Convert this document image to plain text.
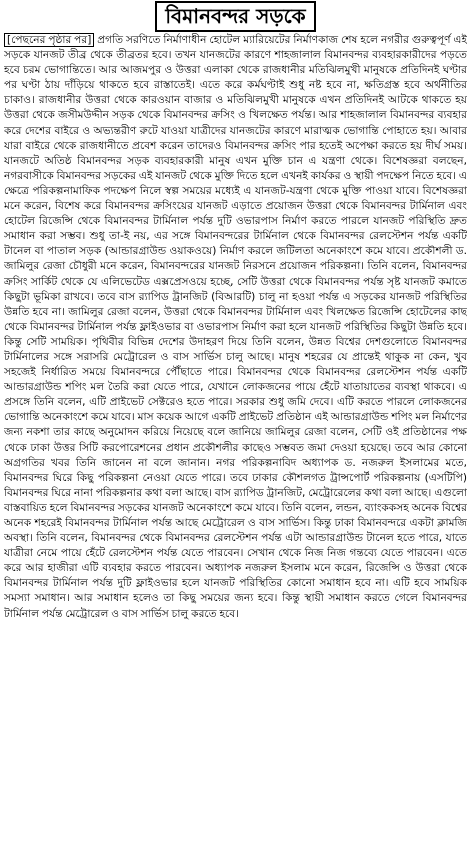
বিমানবন্দর সড়কে
[পেছনের পৃষ্ঠার পর] প্রগতি সরণিতে নির্মাণাধীন হোটেল ম্যারিয়েটের নির্মাণকাজ শেষ হলে নগরীর গুরুত্বপূর্ণ এই সড়কে যানজট তীব্র থেকে তীব্রতর হবে। তখন যানজটের কারণে শাহজালাল বিমানবন্দর ব্যবহারকারীদের পড়তে হবে চরম ভোগান্তিতে। আর আজমপুর ও উত্তরা এলাকা থেকে রাজধানীর মতিঝিলমুখী মানুষকে প্রতিদিনই ঘণ্টার পর ঘণ্টা ঠায় দাঁড়িয়ে থাকতে হবে রাস্তাতেই। এতে করে কর্মঘণ্টাই শুধু নষ্ট হবে না, ক্ষতিগ্রস্ত হবে অর্থনীতির চাকাও। রাজধানীর উত্তরা থেকে কারওয়ান বাজার ও মতিঝিলমুখী মানুষকে এখন প্রতিদিনই আটকে থাকতে হয় উত্তরা থেকে জসীমউদ্দীন সড়ক থেকে বিমানবন্দর ক্রসিং ও খিলক্ষেত পর্যন্ত। আর শাহজালাল বিমানবন্দর ব্যবহার করে দেশের বাইরে ও অভ্যন্তরীণ রুটে যাওয়া যাত্রীদের যানজটের কারণে মারাত্মক ভোগান্তি পোহাতে হয়। আবার যারা বাইরে থেকে রাজধানীতে প্রবেশ করেন তাদেরও বিমানবন্দর ক্রসিং পার হতেই অপেক্ষা করতে হয় দীর্ঘ সময়। যানজটে অতিষ্ঠ বিমানবন্দর সড়ক ব্যবহারকারী মানুষ এখন মুক্তি চান এ যন্ত্রণা থেকে। বিশেষজ্ঞরা বলছেন, নগরবাসীকে বিমানবন্দর সড়কের এই যানজট থেকে মুক্তি দিতে হলে এখনই কার্যকর ও স্থায়ী পদক্ষেপ নিতে হবে। এ ক্ষেত্রে পরিকল্পনামাফিক পদক্ষেপ নিলে স্বল্প সময়ের মধ্যেই এ যানজট-যন্ত্রণা থেকে মুক্তি পাওয়া যাবে। বিশেষজ্ঞরা মনে করেন, বিশেষ করে বিমানবন্দর ক্রসিংয়ের যানজট এড়াতে প্রয়োজন উত্তরা থেকে বিমানবন্দর টার্মিনাল এবং হোটেল রিজেন্সি থেকে বিমানবন্দর টার্মিনাল পর্যন্ত দুটি ওভারপাস নির্মাণ করতে পারলে যানজট পরিস্থিতি দ্রুত সমাধান করা সম্ভব। শুধু তা-ই নয়, এর সঙ্গে বিমানবন্দরের টার্মিনাল থেকে বিমানবন্দর রেলস্টেশন পর্যন্ত একটি টানেল বা পাতাল সড়ক (আন্ডারগ্রাউন্ড ওয়াকওয়ে) নির্মাণ করলে জটিলতা অনেকাংশে কমে যাবে। প্রকৌশলী ড. জামিলুর রেজা চৌধুরী মনে করেন, বিমানবন্দরের যানজট নিরসনে প্রয়োজন পরিকল্পনা। তিনি বলেন, বিমানবন্দর ক্রসিং সার্কিট থেকে যে এলিভেটেড এক্সপ্রেসওয়ে হচ্ছে, সেটি উত্তরা থেকে বিমানবন্দর পর্যন্ত সৃষ্ট যানজট কমাতে কিছুটা ভূমিকা রাখবে। তবে বাস র‌্যাপিড ট্রানজিট (বিআরটি) চালু না হওয়া পর্যন্ত এ সড়কের যানজট পরিস্থিতির উন্নতি হবে না। জামিলুর রেজা বলেন, উত্তরা থেকে বিমানবন্দর টার্মিনাল এবং খিলক্ষেত রিজেন্সি হোটেলের কাছ থেকে বিমানবন্দর টার্মিনাল পর্যন্ত ফ্লাইওভার বা ওভারপাস নির্মাণ করা হলে যানজট পরিস্থিতির কিছুটা উন্নতি হবে। কিন্তু সেটি সাময়িক। পৃথিবীর বিভিন্ন দেশের উদাহরণ দিয়ে তিনি বলেন, উন্নত বিশ্বের দেশগুলোতে বিমানবন্দর টার্মিনালের সঙ্গে সরাসরি মেট্রোরেল ও বাস সার্ভিস চালু আছে। মানুষ শহরের যে প্রান্তেই থাকুক না কেন, খুব সহজেই নির্ধারিত সময়ে বিমানবন্দরে পৌঁছাতে পারে। বিমানবন্দর থেকে বিমানবন্দর রেলস্টেশন পর্যন্ত একটি আন্ডারগ্রাউন্ড শপিং মল তৈরি করা যেতে পারে, যেখানে লোকজনের পায়ে হেঁটে যাতায়াতের ব্যবস্থা থাকবে। এ প্রসঙ্গে তিনি বলেন, এটি প্রাইভেট সেক্টরেও হতে পারে। সরকার শুধু জমি দেবে। এটি করতে পারলে লোকজনের ভোগান্তি অনেকাংশে কমে যাবে। মাস কয়েক আগে একটি প্রাইভেট প্রতিষ্ঠান এই আন্ডারগ্রাউন্ড শপিং মল নির্মাণের জন্য নকশা তার কাছে অনুমোদন করিয়ে নিয়েছে বলে জানিয়ে জামিলুর রেজা বলেন, সেটি ওই প্রতিষ্ঠানের পক্ষ থেকে ঢাকা উত্তর সিটি করপোরেশনের প্রধান প্রকৌশলীর কাছেও সম্ভবত জমা দেওয়া হয়েছে। তবে আর কোনো অগ্রগতির খবর তিনি জানেন না বলে জানান। নগর পরিকল্পনাবিদ অধ্যাপক ড. নজরুল ইসলামের মতে, বিমানবন্দর ঘিরে কিছু পরিকল্পনা নেওয়া যেতে পারে। তবে ঢাকার কৌশলগত ট্রান্সপোর্ট পরিকল্পনায় (এসটিপি) বিমানবন্দর ঘিরে নানা পরিকল্পনার কথা বলা আছে। বাস র‌্যাপিড ট্রানজিট, মেট্রোরেলের কথা বলা আছে। এগুলো বাস্তবায়িত হলে বিমানবন্দর সড়কের যানজট অনেকাংশে কমে যাবে। তিনি বলেন, লন্ডন, ব্যাংককসহ অনেক বিশ্বের অনেক শহরেই বিমানবন্দর টার্মিনাল পর্যন্ত আছে মেট্রোরেল ও বাস সার্ভিস। কিন্তু ঢাকা বিমানবন্দরে একটা ক্লামজি অবস্থা। তিনি বলেন, বিমানবন্দর থেকে বিমানবন্দর রেলস্টেশন পর্যন্ত এটা আন্ডারগ্রাউন্ড টানেল হতে পারে, যাতে যাত্রীরা নেমে পায়ে হেঁটে রেলস্টেশন পর্যন্ত যেতে পারবেন। সেখান থেকে নিজ নিজ গন্তব্যে যেতে পারবেন। এতে করে আর হাজীরা এটি ব্যবহার করতে পারবেন। অধ্যাপক নজরুল ইসলাম মনে করেন, রিজেন্সি ও উত্তরা থেকে বিমানবন্দর টার্মিনাল পর্যন্ত দুটি ফ্লাইওভার হলে যানজট পরিস্থিতির কোনো সমাধান হবে না। এটি হবে সাময়িক সমস্যা সমাধান। আর সমাধান হলেও তা কিছু সময়ের জন্য হবে। কিন্তু স্থায়ী সমাধান করতে গেলে বিমানবন্দর টার্মিনাল পর্যন্ত মেট্রোরেল ও বাস সার্ভিস চালু করতে হবে।
